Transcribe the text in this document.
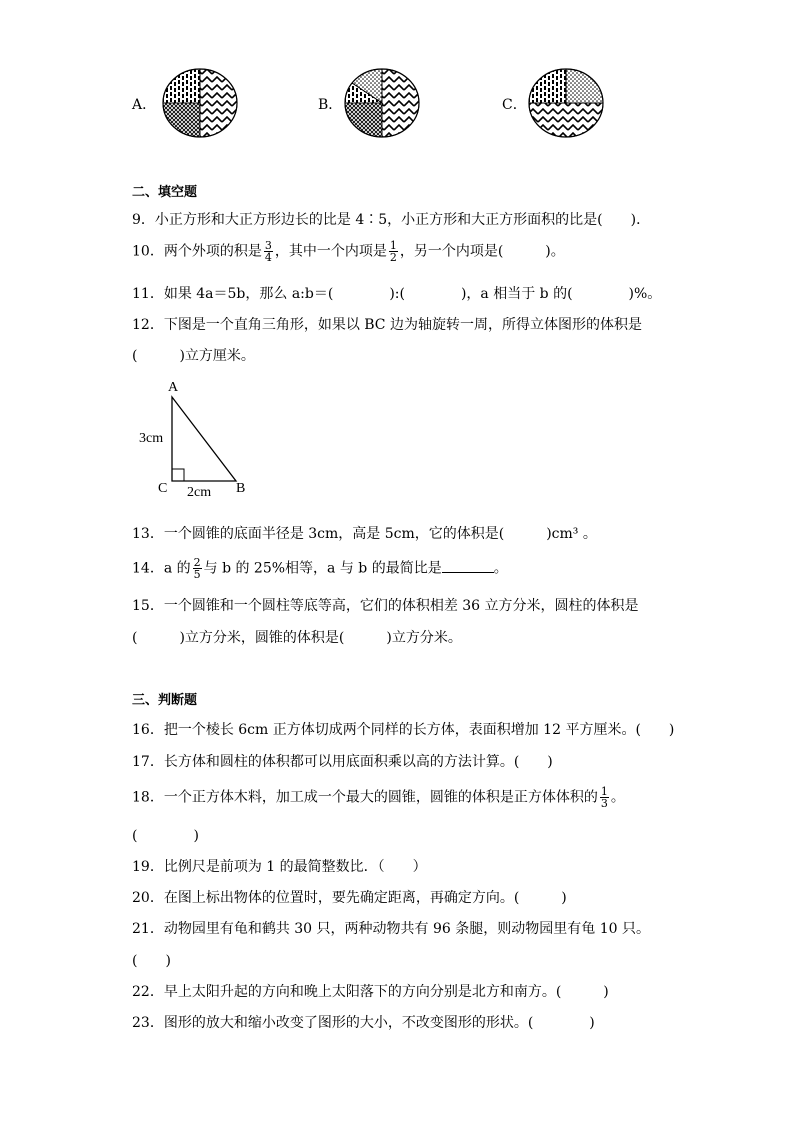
A．	B．	C．
二、填空题
9．小正方形和大正方形边长的比是 4∶5，小正方形和大正方形面积的比是(　　)．
10．两个外项的积是 $\frac{3}{4}$ ，其中一个内项是 $\frac{1}{2}$ ，另一个内项是(　　　)。
11．如果 4a＝5b，那么 a:b＝(　　　　):(　　　　)，a 相当于 b 的(　　　　)%。
12．下图是一个直角三角形，如果以 BC 边为轴旋转一周，所得立体图形的体积是
(　　　)立方厘米。
A
C	B
3cm
2cm
13．一个圆锥的底面半径是 3cm，高是 5cm，它的体积是(　　　)cm³ 。
14．a 的 $\frac{2}{5}$ 与 b 的 25%相等，a 与 b 的最简比是	。
15．一个圆锥和一个圆柱等底等高，它们的体积相差 36 立方分米，圆柱的体积是
(　　　)立方分米，圆锥的体积是(　　　)立方分米。
三、判断题
16．把一个棱长 6cm 正方体切成两个同样的长方体，表面积增加 12 平方厘米。(　　)
17．长方体和圆柱的体积都可以用底面积乘以高的方法计算。(　　)
18．一个正方体木料，加工成一个最大的圆锥，圆锥的体积是正方体体积的 $\frac{1}{3}$ 。
(　　　　)
19．比例尺是前项为 1 的最简整数比．（　　）
20．在图上标出物体的位置时，要先确定距离，再确定方向。(　　　)
21．动物园里有龟和鹤共 30 只，两种动物共有 96 条腿，则动物园里有龟 10 只。
(　　)
22．早上太阳升起的方向和晚上太阳落下的方向分别是北方和南方。(　　　)
23．图形的放大和缩小改变了图形的大小，不改变图形的形状。(　　　　)
